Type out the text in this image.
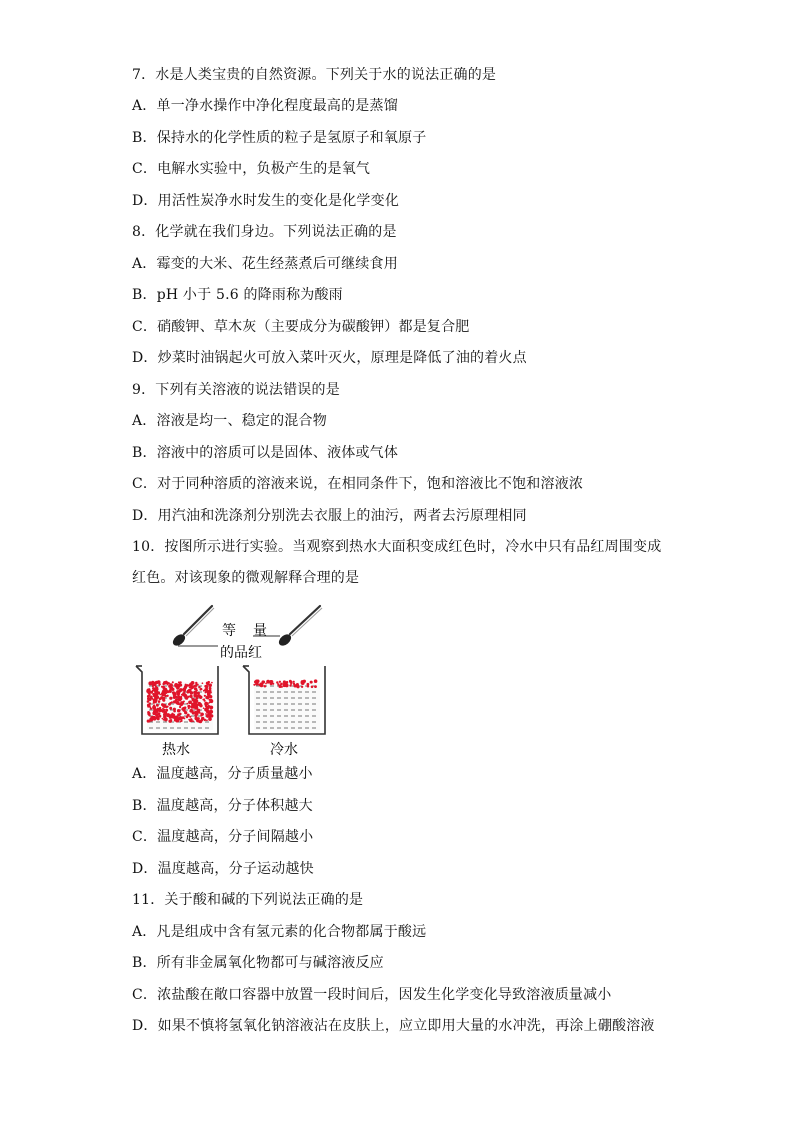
7．水是人类宝贵的自然资源。下列关于水的说法正确的是
A．单一净水操作中净化程度最高的是蒸馏
B．保持水的化学性质的粒子是氢原子和氧原子
C．电解水实验中，负极产生的是氧气
D．用活性炭净水时发生的变化是化学变化
8．化学就在我们身边。下列说法正确的是
A．霉变的大米、花生经蒸煮后可继续食用
B．pH 小于 5.6 的降雨称为酸雨
C．硝酸钾、草木灰（主要成分为碳酸钾）都是复合肥
D．炒菜时油锅起火可放入菜叶灭火，原理是降低了油的着火点
9．下列有关溶液的说法错误的是
A．溶液是均一、稳定的混合物
B．溶液中的溶质可以是固体、液体或气体
C．对于同种溶质的溶液来说，在相同条件下，饱和溶液比不饱和溶液浓
D．用汽油和洗涤剂分别洗去衣服上的油污，两者去污原理相同
10．按图所示进行实验。当观察到热水大面积变成红色时，冷水中只有品红周围变成
红色。对该现象的微观解释合理的是
等 量
的品红
热水	冷水
A．温度越高，分子质量越小
B．温度越高，分子体积越大
C．温度越高，分子间隔越小
D．温度越高，分子运动越快
11．关于酸和碱的下列说法正确的是
A．凡是组成中含有氢元素的化合物都属于酸远
B．所有非金属氧化物都可与碱溶液反应
C．浓盐酸在敞口容器中放置一段时间后，因发生化学变化导致溶液质量减小
D．如果不慎将氢氧化钠溶液沾在皮肤上，应立即用大量的水冲洗，再涂上硼酸溶液
